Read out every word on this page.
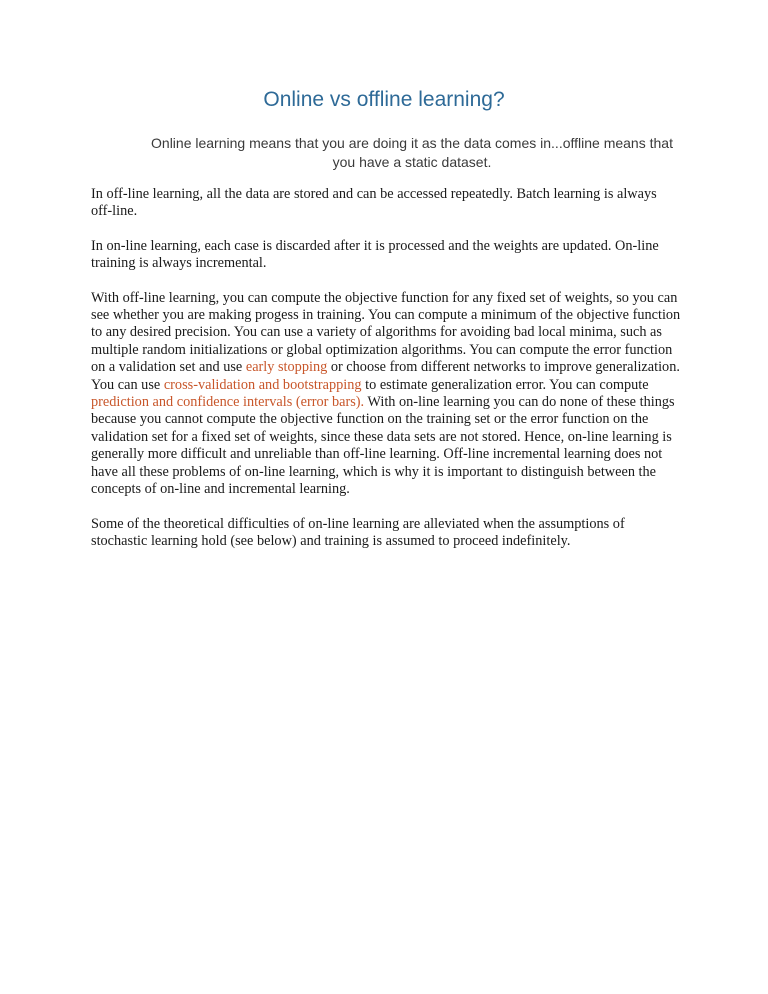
Online vs offline learning?

Online learning means that you are doing it as the data comes in...offline means that you have a static dataset.

In off-line learning, all the data are stored and can be accessed repeatedly. Batch learning is always off-line.

In on-line learning, each case is discarded after it is processed and the weights are updated. On-line training is always incremental.

With off-line learning, you can compute the objective function for any fixed set of weights, so you can see whether you are making progess in training. You can compute a minimum of the objective function to any desired precision. You can use a variety of algorithms for avoiding bad local minima, such as multiple random initializations or global optimization algorithms. You can compute the error function on a validation set and use early stopping or choose from different networks to improve generalization. You can use cross-validation and bootstrapping to estimate generalization error. You can compute prediction and confidence intervals (error bars). With on-line learning you can do none of these things because you cannot compute the objective function on the training set or the error function on the validation set for a fixed set of weights, since these data sets are not stored. Hence, on-line learning is generally more difficult and unreliable than off-line learning. Off-line incremental learning does not have all these problems of on-line learning, which is why it is important to distinguish between the concepts of on-line and incremental learning.

Some of the theoretical difficulties of on-line learning are alleviated when the assumptions of stochastic learning hold (see below) and training is assumed to proceed indefinitely.
